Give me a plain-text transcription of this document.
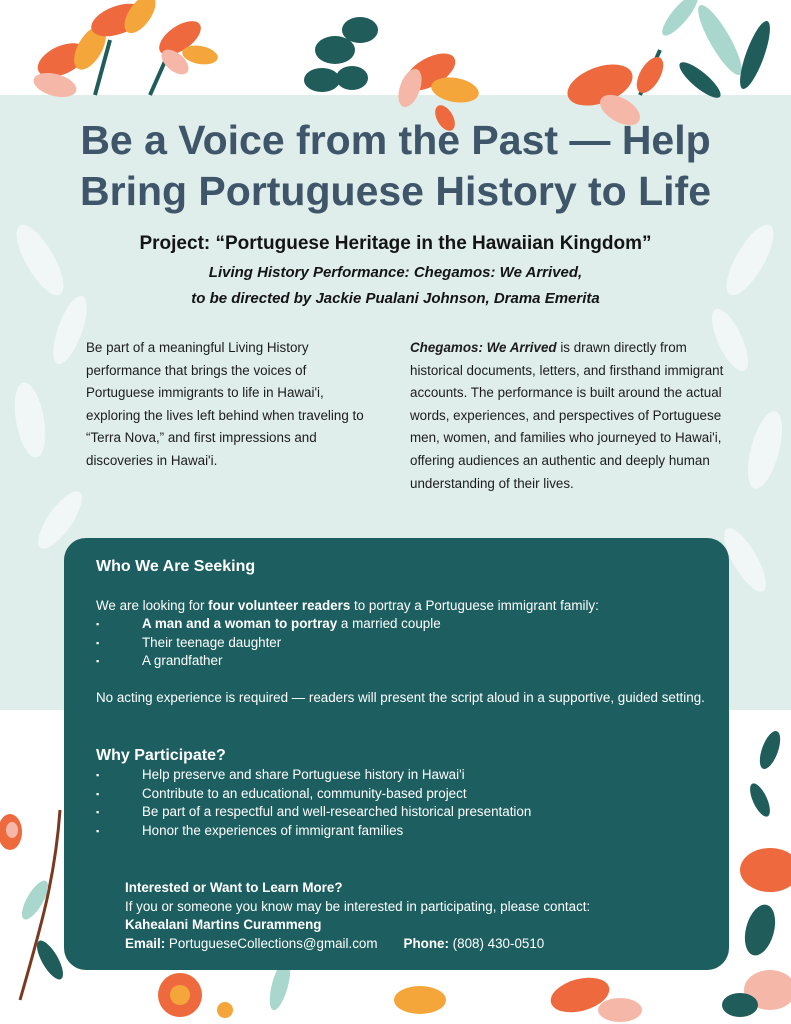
Be a Voice from the Past — Help
Bring Portuguese History to Life

Project: “Portuguese Heritage in the Hawaiian Kingdom”

Living History Performance: Chegamos: We Arrived,

to be directed by Jackie Pualani Johnson, Drama Emerita

Be part of a meaningful Living History performance that brings the voices of Portuguese immigrants to life in Hawai'i, exploring the lives left behind when traveling to “Terra Nova,” and first impressions and discoveries in Hawai'i.

Chegamos: We Arrived is drawn directly from historical documents, letters, and firsthand immigrant accounts. The performance is built around the actual words, experiences, and perspectives of Portuguese men, women, and families who journeyed to Hawai'i, offering audiences an authentic and deeply human understanding of their lives.

Who We Are Seeking

We are looking for four volunteer readers to portray a Portuguese immigrant family:

▪	A man and a woman to portray a married couple
▪	Their teenage daughter
▪	A grandfather

No acting experience is required — readers will present the script aloud in a supportive, guided setting.

Why Participate?
▪	Help preserve and share Portuguese history in Hawai'i
▪	Contribute to an educational, community-based project
▪	Be part of a respectful and well-researched historical presentation
▪	Honor the experiences of immigrant families
Interested or Want to Learn More?
If you or someone you know may be interested in participating, please contact:
Kahealani Martins Curammeng
Email: PortugueseCollections@gmail.com Phone: (808) 430-0510
